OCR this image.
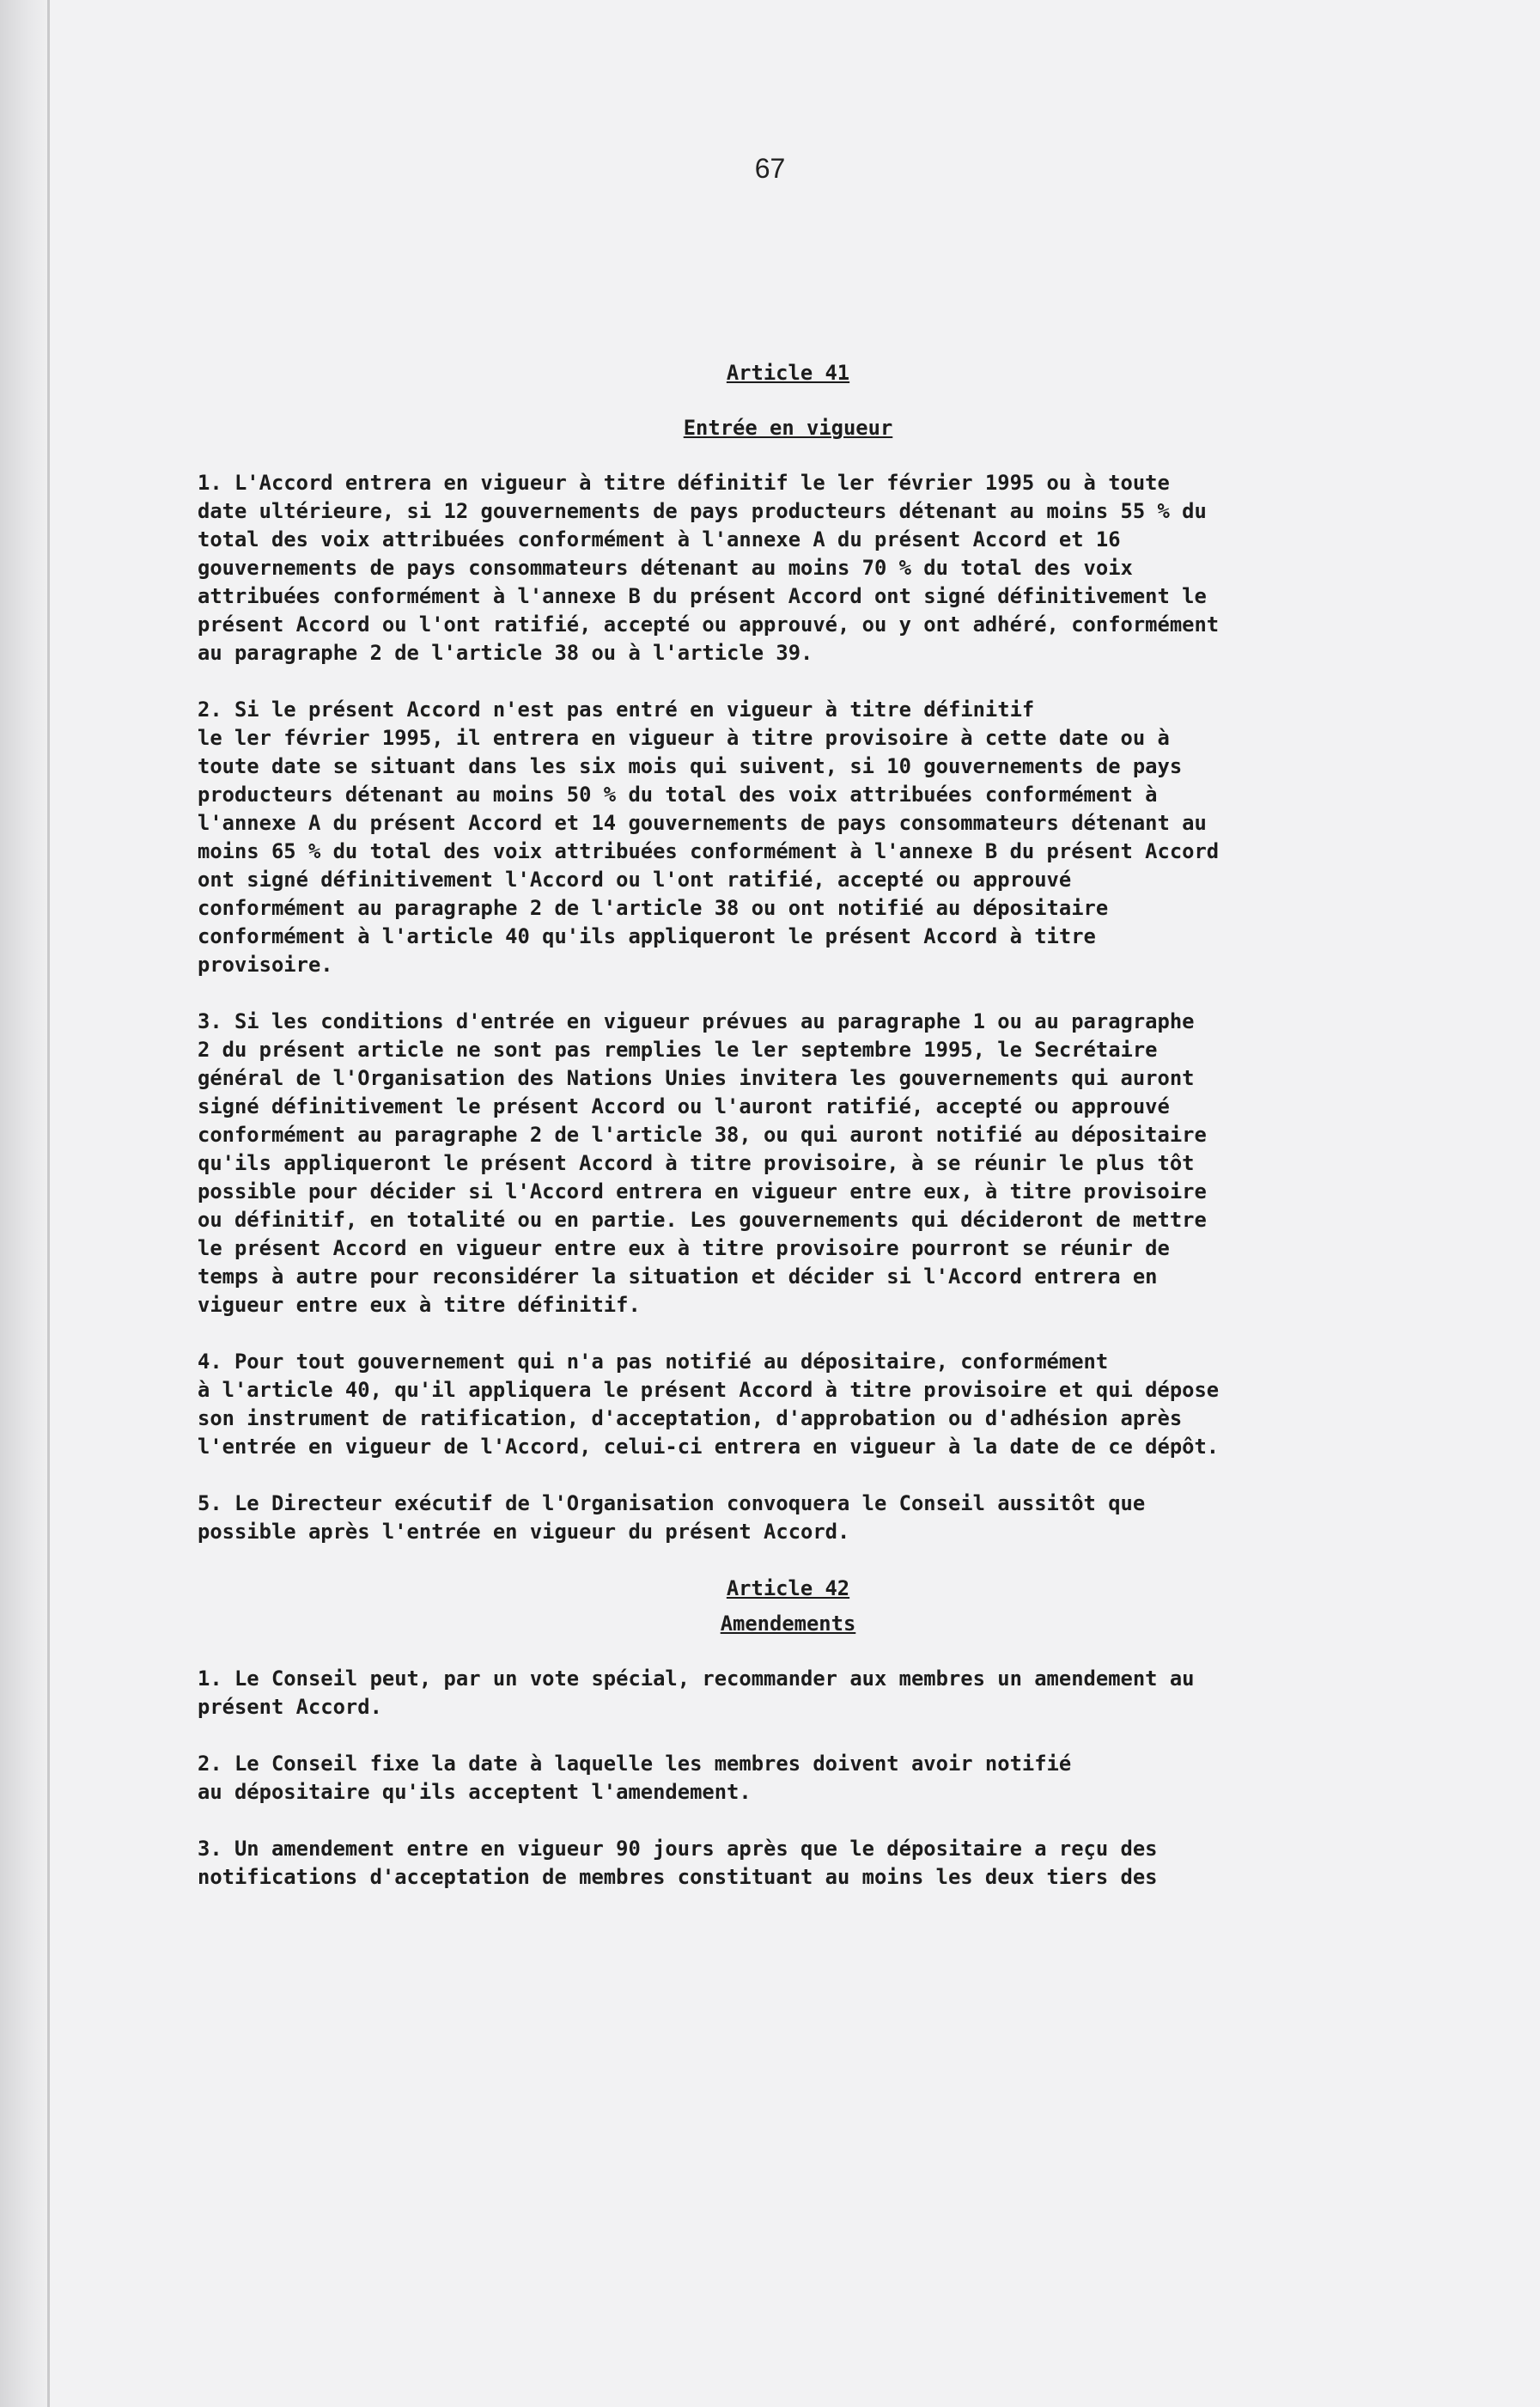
67
Article 41
Entrée en vigueur
1. L'Accord entrera en vigueur à titre définitif le ler février 1995 ou à toute
date ultérieure, si 12 gouvernements de pays producteurs détenant au moins 55 % du
total des voix attribuées conformément à l'annexe A du présent Accord et 16
gouvernements de pays consommateurs détenant au moins 70 % du total des voix
attribuées conformément à l'annexe B du présent Accord ont signé définitivement le
présent Accord ou l'ont ratifié, accepté ou approuvé, ou y ont adhéré, conformément
au paragraphe 2 de l'article 38 ou à l'article 39.
2. Si le présent Accord n'est pas entré en vigueur à titre définitif
le ler février 1995, il entrera en vigueur à titre provisoire à cette date ou à
toute date se situant dans les six mois qui suivent, si 10 gouvernements de pays
producteurs détenant au moins 50 % du total des voix attribuées conformément à
l'annexe A du présent Accord et 14 gouvernements de pays consommateurs détenant au
moins 65 % du total des voix attribuées conformément à l'annexe B du présent Accord
ont signé définitivement l'Accord ou l'ont ratifié, accepté ou approuvé
conformément au paragraphe 2 de l'article 38 ou ont notifié au dépositaire
conformément à l'article 40 qu'ils appliqueront le présent Accord à titre
provisoire.
3. Si les conditions d'entrée en vigueur prévues au paragraphe 1 ou au paragraphe
2 du présent article ne sont pas remplies le ler septembre 1995, le Secrétaire
général de l'Organisation des Nations Unies invitera les gouvernements qui auront
signé définitivement le présent Accord ou l'auront ratifié, accepté ou approuvé
conformément au paragraphe 2 de l'article 38, ou qui auront notifié au dépositaire
qu'ils appliqueront le présent Accord à titre provisoire, à se réunir le plus tôt
possible pour décider si l'Accord entrera en vigueur entre eux, à titre provisoire
ou définitif, en totalité ou en partie. Les gouvernements qui décideront de mettre
le présent Accord en vigueur entre eux à titre provisoire pourront se réunir de
temps à autre pour reconsidérer la situation et décider si l'Accord entrera en
vigueur entre eux à titre définitif.
4. Pour tout gouvernement qui n'a pas notifié au dépositaire, conformément
à l'article 40, qu'il appliquera le présent Accord à titre provisoire et qui dépose
son instrument de ratification, d'acceptation, d'approbation ou d'adhésion après
l'entrée en vigueur de l'Accord, celui-ci entrera en vigueur à la date de ce dépôt.
5. Le Directeur exécutif de l'Organisation convoquera le Conseil aussitôt que
possible après l'entrée en vigueur du présent Accord.
Article 42
Amendements
1. Le Conseil peut, par un vote spécial, recommander aux membres un amendement au
présent Accord.
2. Le Conseil fixe la date à laquelle les membres doivent avoir notifié
au dépositaire qu'ils acceptent l'amendement.
3. Un amendement entre en vigueur 90 jours après que le dépositaire a reçu des
notifications d'acceptation de membres constituant au moins les deux tiers des
